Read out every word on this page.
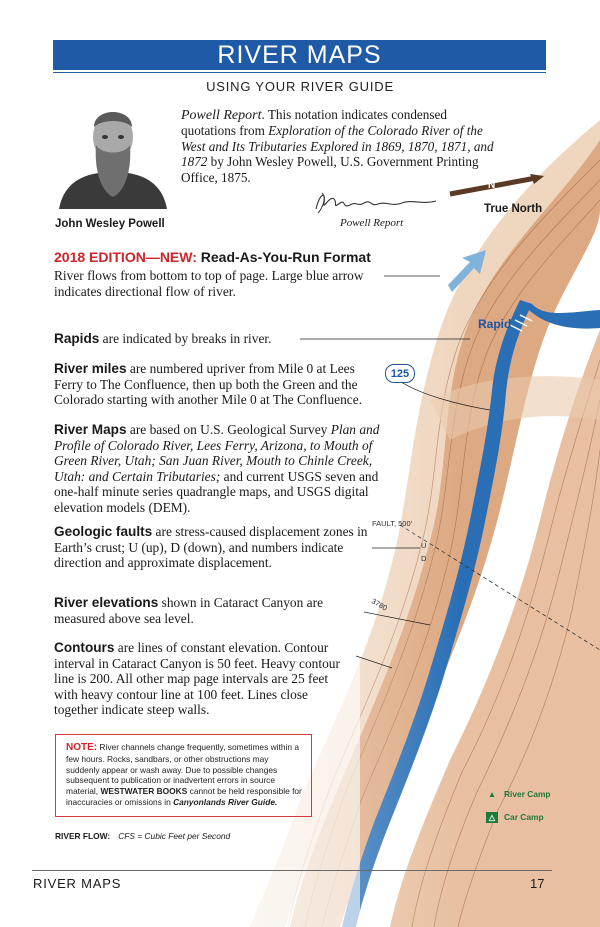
RIVER MAPS
USING YOUR RIVER GUIDE
John Wesley Powell
Powell Report. This notation indicates condensed quotations from Exploration of the Colorado River of the West and Its Tributaries Explored in 1869, 1870, 1871, and 1872 by John Wesley Powell, U.S. Government Printing Office, 1875.
Powell Report
N
True North
2018 EDITION—NEW: Read-As-You-Run Format
River flows from bottom to top of page. Large blue arrow indicates directional flow of river.
Rapids are indicated by breaks in river.
River miles are numbered upriver from Mile 0 at Lees Ferry to The Confluence, then up both the Green and the Colorado starting with another Mile 0 at The Confluence.
River Maps are based on U.S. Geological Survey Plan and Profile of Colorado River, Lees Ferry, Arizona, to Mouth of Green River, Utah; San Juan River, Mouth to Chinle Creek, Utah: and Certain Tributaries; and current USGS seven and one-half minute series quadrangle maps, and USGS digital elevation models (DEM).
Geologic faults are stress-caused displacement zones in Earth’s crust; U (up), D (down), and numbers indicate direction and approximate displacement.
River elevations shown in Cataract Canyon are measured above sea level.
Contours are lines of constant elevation. Contour interval in Cataract Canyon is 50 feet. Heavy contour line is 200. All other map page intervals are 25 feet with heavy contour line at 100 feet. Lines close together indicate steep walls.
NOTE: River channels change frequently, sometimes within a few hours. Rocks, sandbars, or other obstructions may suddenly appear or wash away. Due to possible changes subsequent to publication or inadvertent errors in source material, WESTWATER BOOKS cannot be held responsible for inaccuracies or omissions in Canyonlands River Guide.
RIVER FLOW: CFS = Cubic Feet per Second
Rapid
125
FAULT, 500'
U
D
3780
▲ River Camp
△ Car Camp
RIVER MAPS	17
